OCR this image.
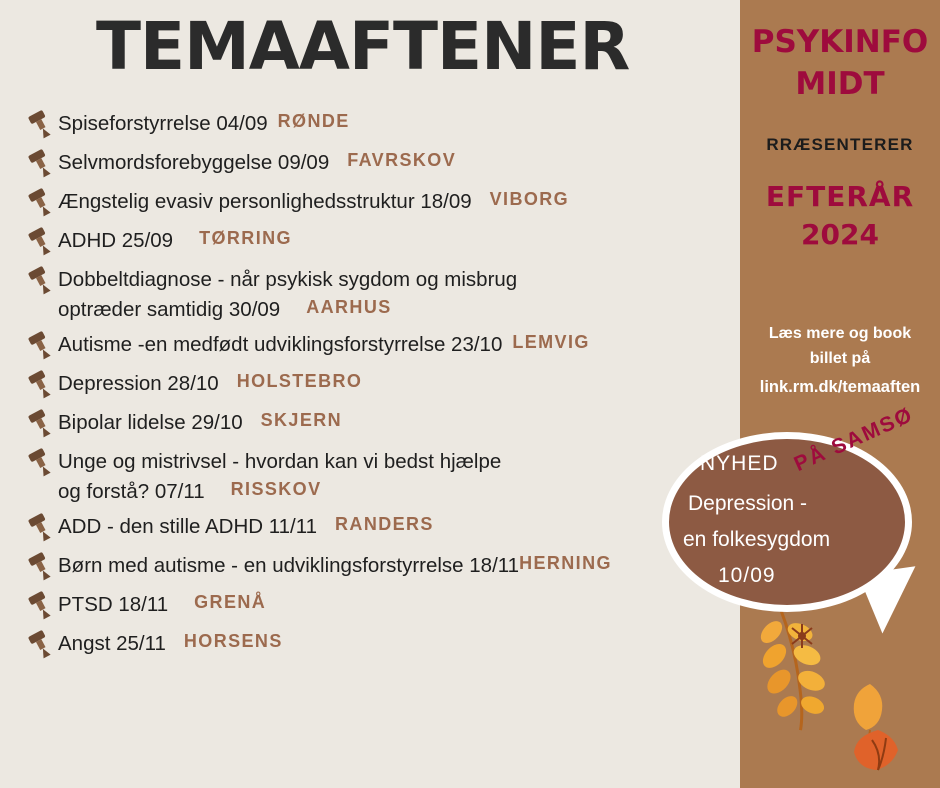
TEMAAFTENER
Spiseforstyrrelse 04/09 RØNDE
Selvmordsforebyggelse 09/09 FAVRSKOV
Ængstelig evasiv personlighedsstruktur 18/09 VIBORG
ADHD 25/09 TØRRING
Dobbeltdiagnose - når psykisk sygdom og misbrug
optræder samtidig 30/09 AARHUS
Autisme -en medfødt udviklingsforstyrrelse 23/10 LEMVIG
Depression 28/10 HOLSTEBRO
Bipolar lidelse 29/10 SKJERN
Unge og mistrivsel - hvordan kan vi bedst hjælpe
og forstå? 07/11 RISSKOV
ADD - den stille ADHD 11/11 RANDERS
Børn med autisme - en udviklingsforstyrrelse 18/11 HERNING
PTSD 18/11 GRENÅ
Angst 25/11 HORSENS
PSYKINFO
MIDT
RRÆSENTERER
EFTERÅR
2024
Læs mere og book
billet på
link.rm.dk/temaaften
NYHED
Depression -
en folkesygdom
10/09
PÅ SAMSØ
